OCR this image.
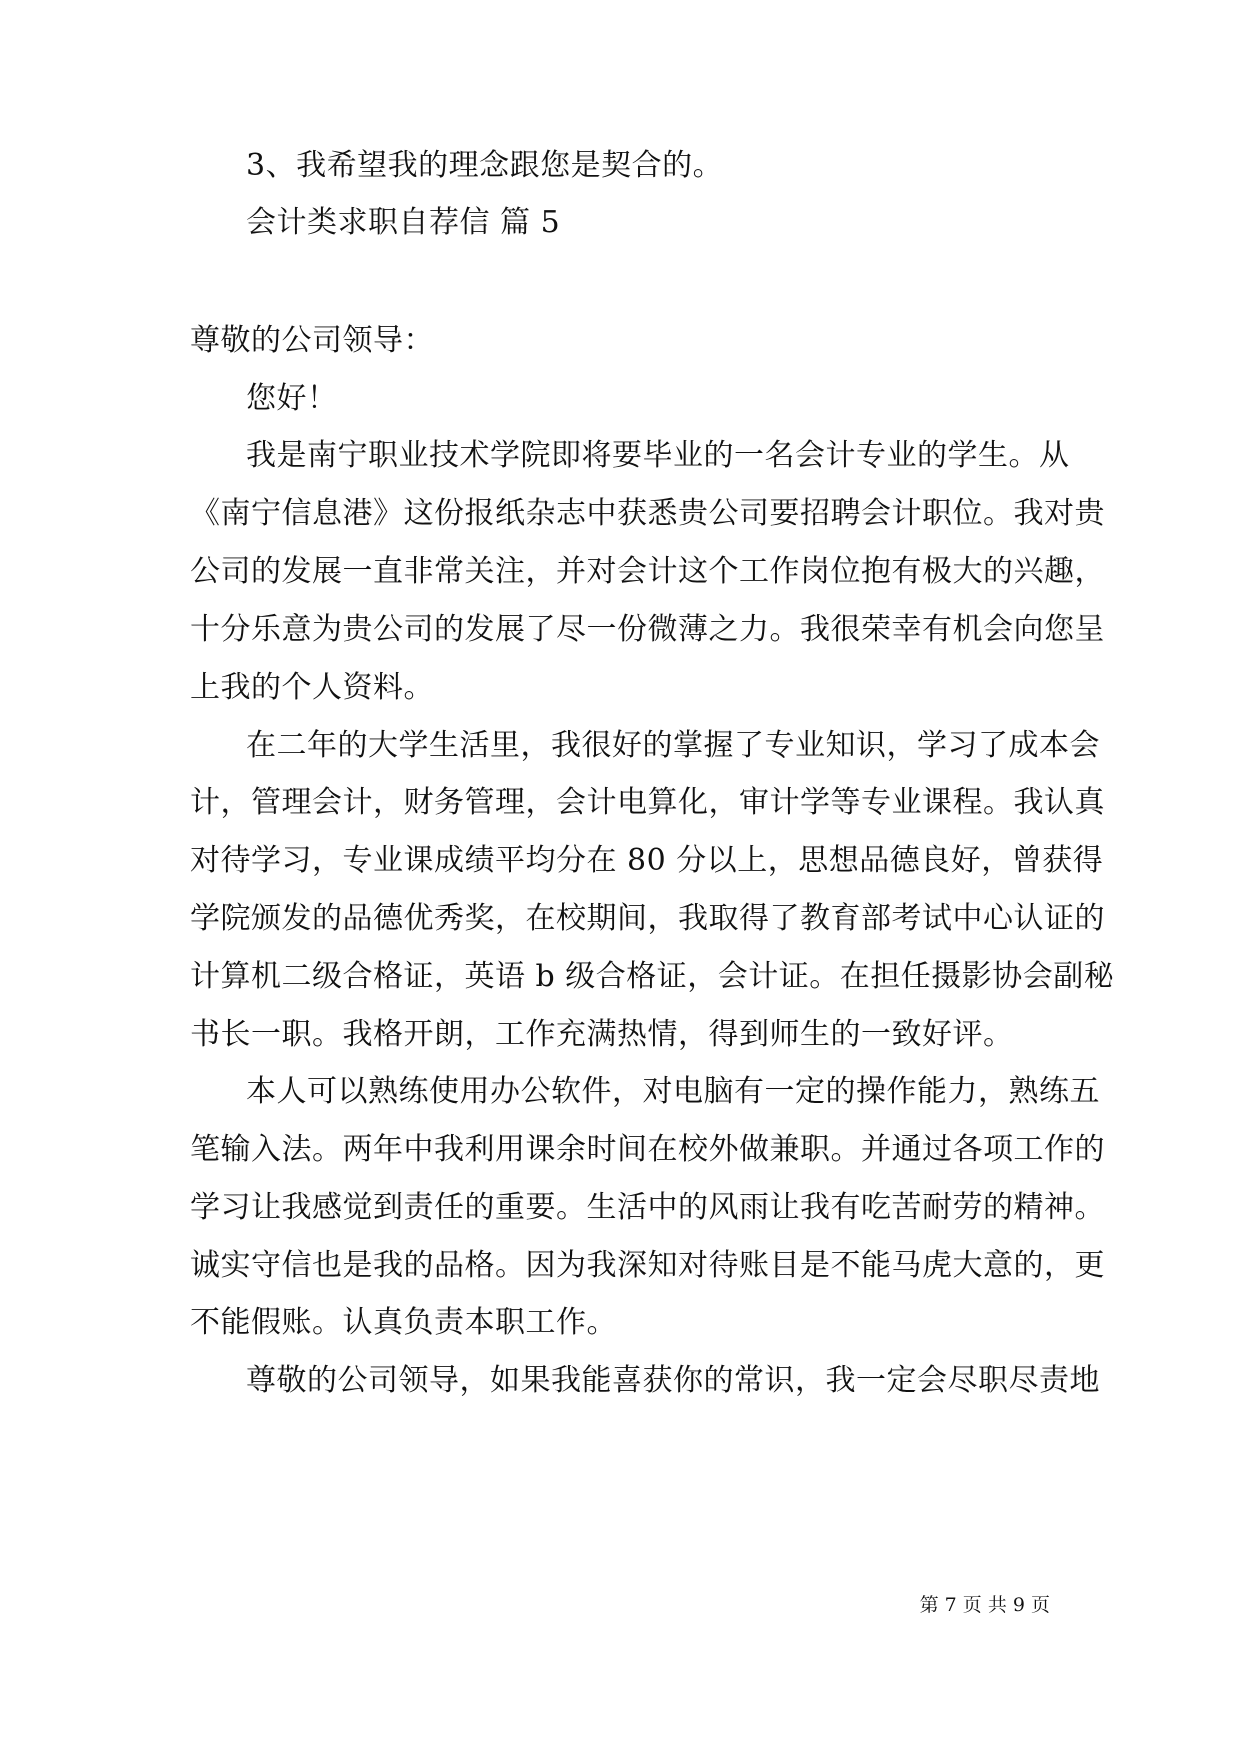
3、我希望我的理念跟您是契合的。
会计类求职自荐信 篇 5
尊敬的公司领导：
您好！
我是南宁职业技术学院即将要毕业的一名会计专业的学生。从
《南宁信息港》这份报纸杂志中获悉贵公司要招聘会计职位。我对贵
公司的发展一直非常关注，并对会计这个工作岗位抱有极大的兴趣，
十分乐意为贵公司的发展了尽一份微薄之力。我很荣幸有机会向您呈
上我的个人资料。
在二年的大学生活里，我很好的掌握了专业知识，学习了成本会
计，管理会计，财务管理，会计电算化，审计学等专业课程。我认真
对待学习，专业课成绩平均分在 80 分以上，思想品德良好，曾获得
学院颁发的品德优秀奖，在校期间，我取得了教育部考试中心认证的
计算机二级合格证，英语 b 级合格证，会计证。在担任摄影协会副秘
书长一职。我格开朗，工作充满热情，得到师生的一致好评。
本人可以熟练使用办公软件，对电脑有一定的操作能力，熟练五
笔输入法。两年中我利用课余时间在校外做兼职。并通过各项工作的
学习让我感觉到责任的重要。生活中的风雨让我有吃苦耐劳的精神。
诚实守信也是我的品格。因为我深知对待账目是不能马虎大意的，更
不能假账。认真负责本职工作。
尊敬的公司领导，如果我能喜获你的常识，我一定会尽职尽责地
第 7 页 共 9 页
